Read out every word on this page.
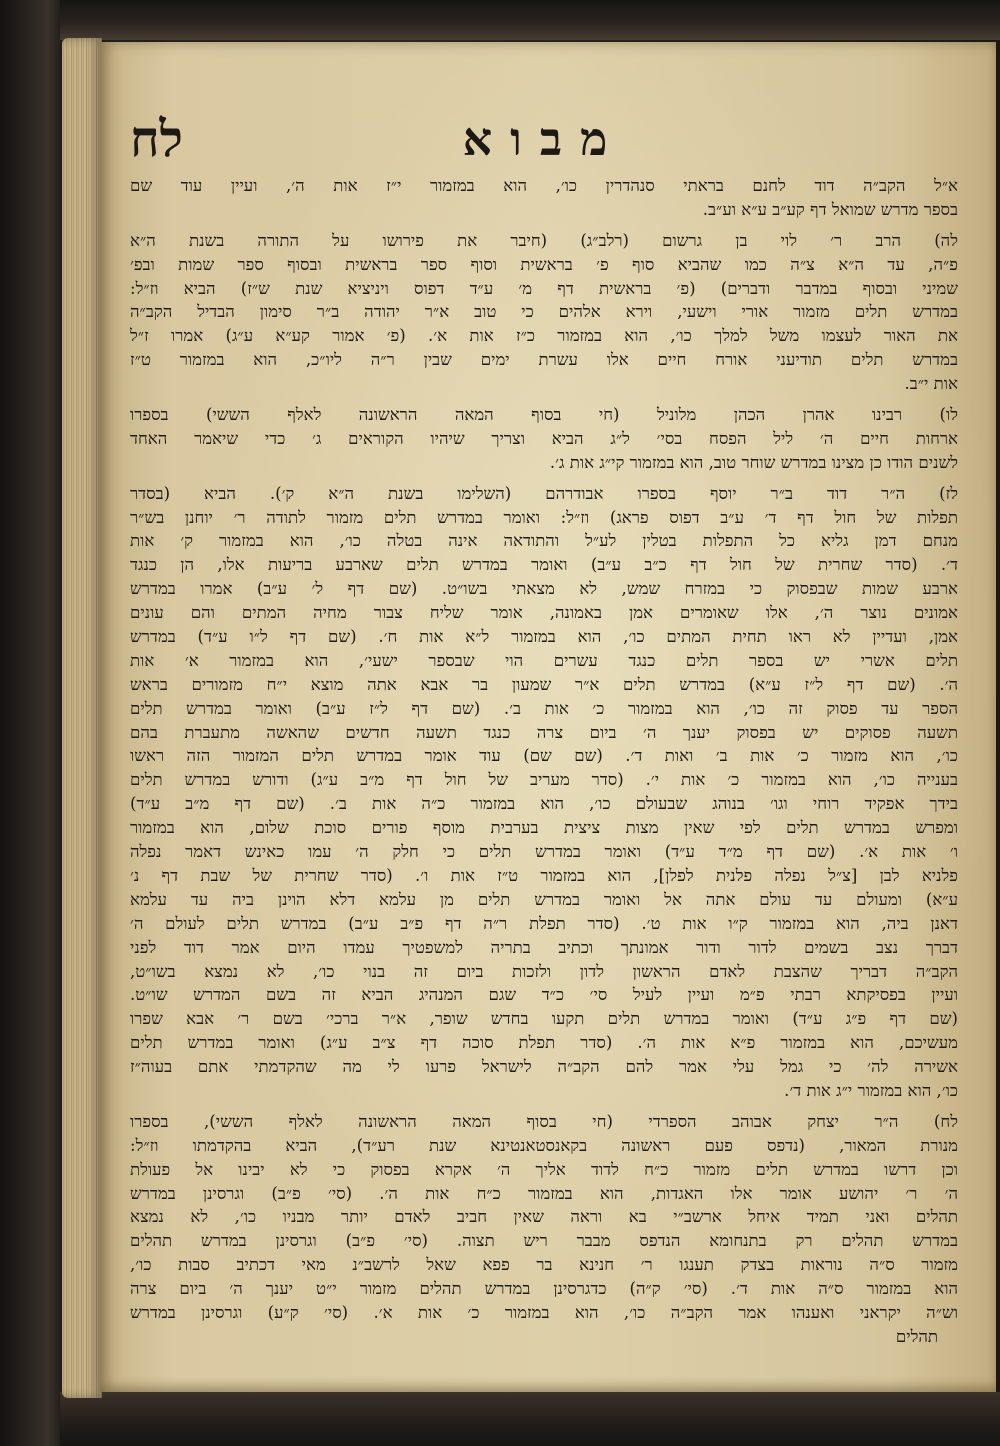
מבוא
לח
א״ל הקב״ה דוד לחנם בראתי סנהדרין כו׳, הוא במזמור י״ז אות ה׳, ועיין עוד שם
בספר מדרש שמואל דף קע״ב ע״א וע״ב.
לה) הרב ר׳ לוי בן גרשום (רלב״ג) (חיבר את פירושו על התורה בשנת ה״א
פ״ה, עד ה״א צ״ה כמו שהביא סוף פ׳ בראשית וסוף ספר בראשית ובסוף ספר שמות ובפ׳
שמיני ובסוף במדבר ודברים) (פ׳ בראשית דף מ׳ ע״ד דפוס ויניציא שנת ש״ז) הביא וז״ל:
במדרש תלים מזמור אורי וישעי, וירא אלהים כי טוב א״ר יהודה ב״ר סימון הבדיל הקב״ה
את האור לעצמו משל למלך כו׳, הוא במזמור כ״ז אות א׳. (פ׳ אמור קע״א ע״ג) אמרו ז״ל
במדרש תלים תודיעני אורח חיים אלו עשרת ימים שבין ר״ה ליו״כ, הוא במזמור ט״ז
אות י״ב.
לו) רבינו אהרן הכהן מלוניל (חי בסוף המאה הראשונה לאלף הששי) בספרו
ארחות חיים ה׳ ליל הפסח בסי׳ ל״ג הביא וצריך שיהיו הקוראים ג׳ כדי שיאמר האחד
לשנים הודו כן מצינו במדרש שוחר טוב, הוא במזמור קי״ג אות ג׳.
לז) ה״ר דוד ב״ר יוסף בספרו אבודרהם (השלימו בשנת ה״א ק׳). הביא (בסדר
תפלות של חול דף ד׳ ע״ב דפוס פראג) וז״ל: ואומר במדרש תלים מזמור לתודה ר׳ יוחנן בש״ר
מנחם דמן גליא כל התפלות בטלין לע״ל והתודאה אינה בטלה כו׳, הוא במזמור ק׳ אות
ד׳. (סדר שחרית של חול דף כ״ב ע״ב) ואומר במדרש תלים שארבע בריעות אלו, הן כנגד
ארבע שמות שבפסוק כי במזרח שמש, לא מצאתי בשו״ט. (שם דף ל׳ ע״ב) אמרו במדרש
אמונים נוצר ה׳, אלו שאומרים אמן באמונה, אומר שליח צבור מחיה המתים והם עונים
אמן, ועדיין לא ראו תחית המתים כו׳, הוא במזמור ל״א אות ח׳. (שם דף ל״ו ע״ד) במדרש
תלים אשרי יש בספר תלים כנגד עשרים הוי שבספר ישעי׳, הוא במזמור א׳ אות
ה׳. (שם דף ל״ז ע״א) במדרש תלים א״ר שמעון בר אבא אתה מוצא י״ח מזמורים בראש
הספר עד פסוק זה כו׳, הוא במזמור כ׳ אות ב׳. (שם דף ל״ז ע״ב) ואומר במדרש תלים
תשעה פסוקים יש בפסוק יענך ה׳ ביום צרה כנגד תשעה חדשים שהאשה מתעברת בהם
כו׳, הוא מזמור כ׳ אות ב׳ ואות ד׳. (שם שם) עוד אומר במדרש תלים המזמור הזה ראשו
בענייה כו׳, הוא במזמור כ׳ אות י׳. (סדר מעריב של חול דף מ״ב ע״ג) ודורש במדרש תלים
בידך אפקיד רוחי וגו׳ בנוהג שבעולם כו׳, הוא במזמור כ״ה אות ב׳. (שם דף מ״ב ע״ד)
ומפרש במדרש תלים לפי שאין מצות ציצית בערבית מוסף פורים סוכת שלום, הוא במזמור
ו׳ אות א׳. (שם דף מ״ד ע״ד) ואומר במדרש תלים כי חלק ה׳ עמו כאינש דאמר נפלה
פלניא לבן [צ״ל נפלה פלנית לפלן], הוא במזמור ט״ז אות ו׳. (סדר שחרית של שבת דף נ׳
ע״א) ומעולם עד עולם אתה אל ואומר במדרש תלים מן עלמא דלא הוינן ביה עד עלמא
דאנן ביה, הוא במזמור ק״ו אות ט׳. (סדר תפלת ר״ה דף פ״ב ע״ב) במדרש תלים לעולם ה׳
דברך נצב בשמים לדור ודור אמונתך וכתיב בתריה למשפטיך עמדו היום אמר דוד לפני
הקב״ה דבריך שהצבת לאדם הראשון לדון ולזכות ביום זה בנוי כו׳, לא נמצא בשו״ט,
ועיין בפסיקתא רבתי פ״מ ועיין לעיל סי׳ כ״ד שגם המנהיג הביא זה בשם המדרש שו״ט.
(שם דף פ״ג ע״ד) ואומר במדרש תלים תקעו בחדש שופר, א״ר ברכי׳ בשם ר׳ אבא שפרו
מעשיכם, הוא במזמור פ״א אות ה׳. (סדר תפלת סוכה דף צ״ב ע״ג) ואומר במדרש תלים
אשירה לה׳ כי גמל עלי אמר להם הקב״ה לישראל פרעו לי מה שהקדמתי אתם בעוה״ז
כו׳, הוא במזמור י״ג אות ד׳.
לח) ה״ר יצחק אבוהב הספרדי (חי בסוף המאה הראשונה לאלף הששי), בספרו
מנורת המאור, (נדפס פעם ראשונה בקאנסטאנטינא שנת רע״ד), הביא בהקדמתו וז״ל:
וכן דרשו במדרש תלים מזמור כ״ח לדוד אליך ה׳ אקרא בפסוק כי לא יבינו אל פעולת
ה׳ ר׳ יהושע אומר אלו האגדות, הוא במזמור כ״ח אות ה׳. (סי׳ פ״ב) וגרסינן במדרש
תהלים ואני תמיד איחל ארשב״י בא וראה שאין חביב לאדם יותר מבניו כו׳, לא נמצא
במדרש תהלים רק בתנחומא הנדפס מבבר ריש תצוה. (סי׳ פ״ב) וגרסינן במדרש תהלים
מזמור ס״ה נוראות בצדק תענגו ר׳ חנינא בר פפא שאל לרשב״נ מאי דכתיב סבות כו׳,
הוא במזמור ס״ה אות ד׳. (סי׳ ק״ה) כדגרסינן במדרש תהלים מזמור י״ט יענך ה׳ ביום צרה
וש״ה יקראני ואענהו אמר הקב״ה כו׳, הוא במזמור כ׳ אות א׳. (סי׳ ק״ע) וגרסינן במדרש
תהלים
